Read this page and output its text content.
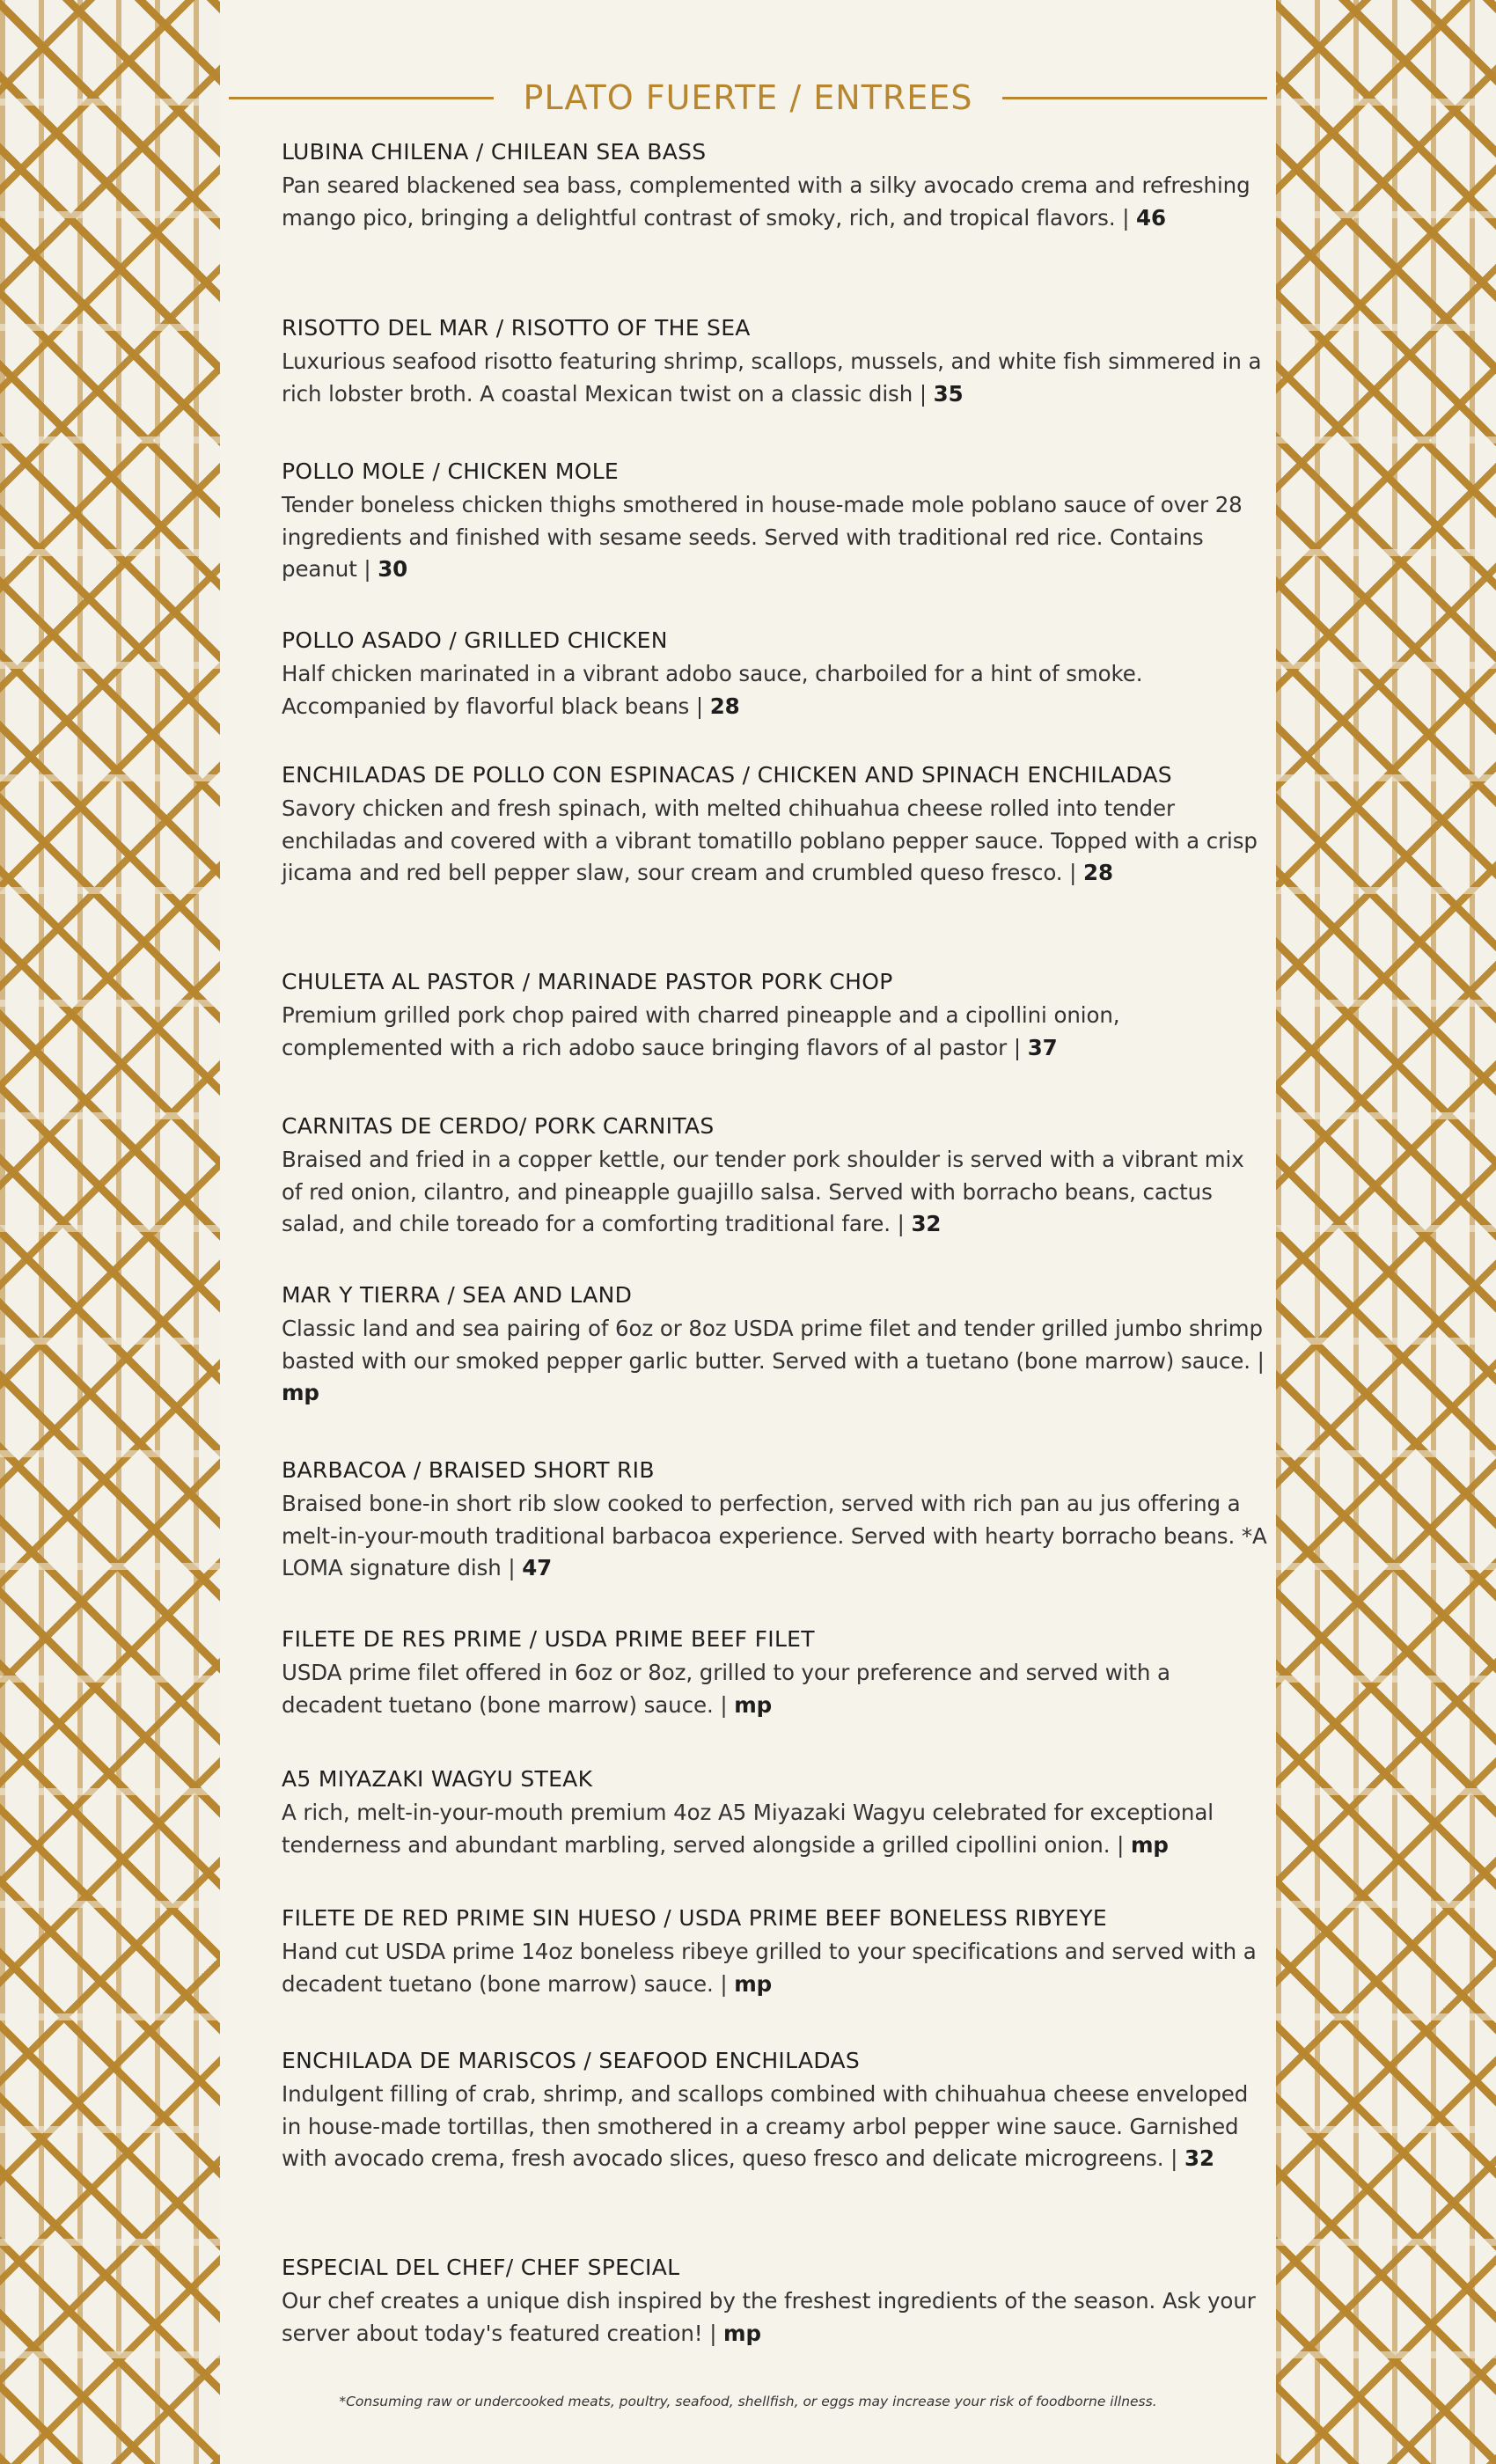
PLATO FUERTE / ENTREES
LUBINA CHILENA / CHILEAN SEA BASS
Pan seared blackened sea bass, complemented with a silky avocado crema and refreshing mango pico, bringing a delightful contrast of smoky, rich, and tropical flavors. | 46
RISOTTO DEL MAR / RISOTTO OF THE SEA
Luxurious seafood risotto featuring shrimp, scallops, mussels, and white fish simmered in a rich lobster broth. A coastal Mexican twist on a classic dish | 35
POLLO MOLE / CHICKEN MOLE
Tender boneless chicken thighs smothered in house-made mole poblano sauce of over 28 ingredients and finished with sesame seeds. Served with traditional red rice. Contains peanut | 30
POLLO ASADO / GRILLED CHICKEN
Half chicken marinated in a vibrant adobo sauce, charboiled for a hint of smoke. Accompanied by flavorful black beans | 28
ENCHILADAS DE POLLO CON ESPINACAS / CHICKEN AND SPINACH ENCHILADAS
Savory chicken and fresh spinach, with melted chihuahua cheese rolled into tender enchiladas and covered with a vibrant tomatillo poblano pepper sauce. Topped with a crisp jicama and red bell pepper slaw, sour cream and crumbled queso fresco. | 28
CHULETA AL PASTOR / MARINADE PASTOR PORK CHOP
Premium grilled pork chop paired with charred pineapple and a cipollini onion, complemented with a rich adobo sauce bringing flavors of al pastor | 37
CARNITAS DE CERDO/ PORK CARNITAS
Braised and fried in a copper kettle, our tender pork shoulder is served with a vibrant mix of red onion, cilantro, and pineapple guajillo salsa. Served with borracho beans, cactus salad, and chile toreado for a comforting traditional fare. | 32
MAR Y TIERRA / SEA AND LAND
Classic land and sea pairing of 6oz or 8oz USDA prime filet and tender grilled jumbo shrimp basted with our smoked pepper garlic butter. Served with a tuetano (bone marrow) sauce. | mp
BARBACOA / BRAISED SHORT RIB
Braised bone-in short rib slow cooked to perfection, served with rich pan au jus offering a melt-in-your-mouth traditional barbacoa experience. Served with hearty borracho beans. *A LOMA signature dish | 47
FILETE DE RES PRIME / USDA PRIME BEEF FILET
USDA prime filet offered in 6oz or 8oz, grilled to your preference and served with a decadent tuetano (bone marrow) sauce. | mp
A5 MIYAZAKI WAGYU STEAK
A rich, melt-in-your-mouth premium 4oz A5 Miyazaki Wagyu celebrated for exceptional tenderness and abundant marbling, served alongside a grilled cipollini onion. | mp
FILETE DE RED PRIME SIN HUESO / USDA PRIME BEEF BONELESS RIBYEYE
Hand cut USDA prime 14oz boneless ribeye grilled to your specifications and served with a decadent tuetano (bone marrow) sauce. | mp
ENCHILADA DE MARISCOS / SEAFOOD ENCHILADAS
Indulgent filling of crab, shrimp, and scallops combined with chihuahua cheese enveloped in house-made tortillas, then smothered in a creamy arbol pepper wine sauce. Garnished with avocado crema, fresh avocado slices, queso fresco and delicate microgreens. | 32
ESPECIAL DEL CHEF/ CHEF SPECIAL
Our chef creates a unique dish inspired by the freshest ingredients of the season. Ask your server about today's featured creation! | mp
*Consuming raw or undercooked meats, poultry, seafood, shellfish, or eggs may increase your risk of foodborne illness.
